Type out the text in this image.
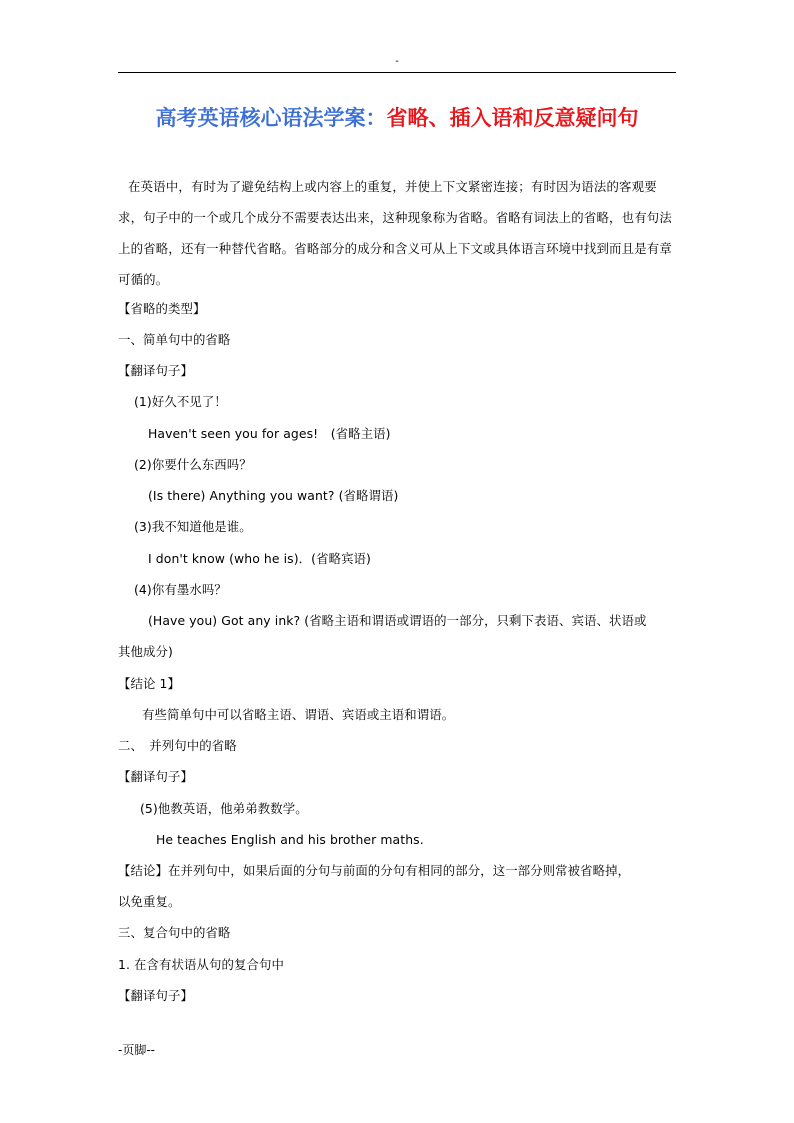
-
高考英语核心语法学案：省略、插入语和反意疑问句
在英语中，有时为了避免结构上或内容上的重复，并使上下文紧密连接；有时因为语法的客观要求，句子中的一个或几个成分不需要表达出来，这种现象称为省略。省略有词法上的省略，也有句法上的省略，还有一种替代省略。省略部分的成分和含义可从上下文或具体语言环境中找到而且是有章可循的。
【省略的类型】
一、简单句中的省略
【翻译句子】
(1)好久不见了！
Haven't seen you for ages!　(省略主语)
(2)你要什么东西吗？
(Is there) Anything you want? (省略谓语)
(3)我不知道他是谁。
I don't know (who he is)．(省略宾语)
(4)你有墨水吗？
(Have you) Got any ink? (省略主语和谓语或谓语的一部分，只剩下表语、宾语、状语或
其他成分)
【结论 1】
有些简单句中可以省略主语、谓语、宾语或主语和谓语。
二、　并列句中的省略
【翻译句子】
(5)他教英语，他弟弟教数学。
He teaches English and his brother maths.
【结论】在并列句中，如果后面的分句与前面的分句有相同的部分，这一部分则常被省略掉，
以免重复。
三、复合句中的省略
1. 在含有状语从句的复合句中
【翻译句子】
-页脚--
